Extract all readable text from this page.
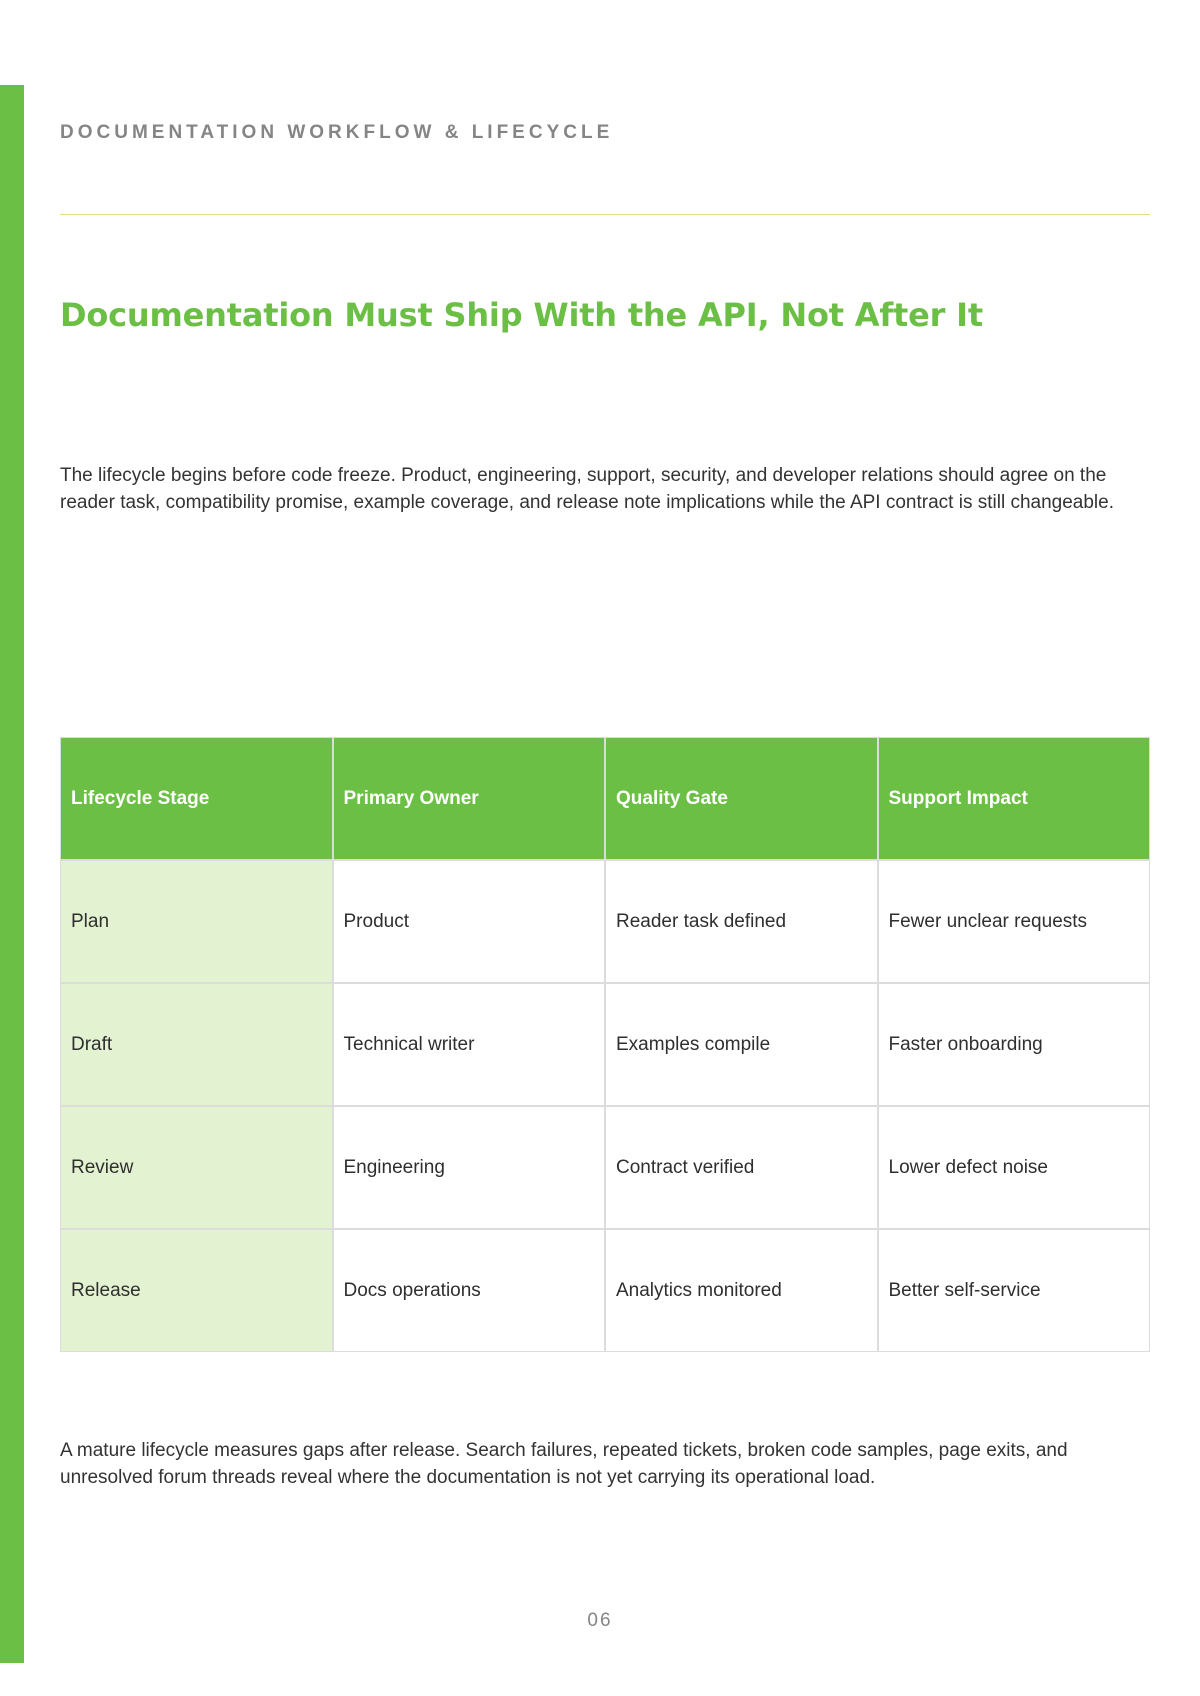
DOCUMENTATION WORKFLOW & LIFECYCLE
Documentation Must Ship With the API, Not After It

The lifecycle begins before code freeze. Product, engineering, support, security, and developer relations should agree on the reader task, compatibility promise, example coverage, and release note implications while the API contract is still changeable.

Lifecycle Stage	Primary Owner	Quality Gate	Support Impact
Plan	Product	Reader task defined	Fewer unclear requests
Draft	Technical writer	Examples compile	Faster onboarding
Review	Engineering	Contract verified	Lower defect noise
Release	Docs operations	Analytics monitored	Better self-service

A mature lifecycle measures gaps after release. Search failures, repeated tickets, broken code samples, page exits, and unresolved forum threads reveal where the documentation is not yet carrying its operational load.

06
